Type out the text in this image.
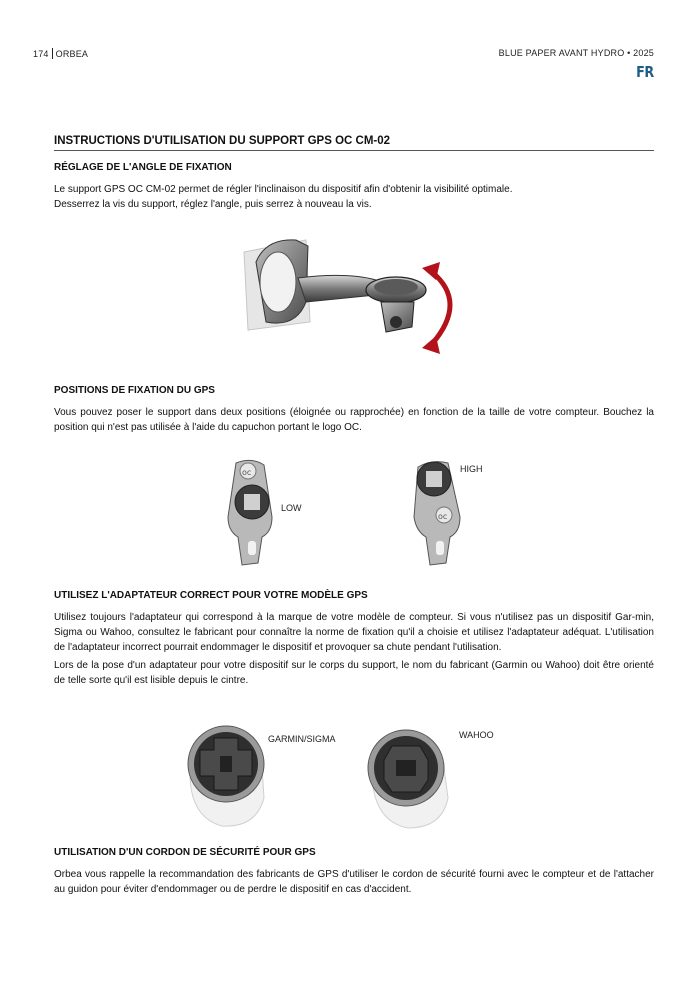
174 ORBEA	BLUE PAPER AVANT HYDRO • 2025
FR
INSTRUCTIONS D'UTILISATION DU SUPPORT GPS OC CM-02
RÉGLAGE DE L'ANGLE DE FIXATION
Le support GPS OC CM-02 permet de régler l'inclinaison du dispositif afin d'obtenir la visibilité optimale.
Desserrez la vis du support, réglez l'angle, puis serrez à nouveau la vis.
POSITIONS DE FIXATION DU GPS
Vous pouvez poser le support dans deux positions (éloignée ou rapprochée) en fonction de la taille de votre compteur. Bouchez la position qui n'est pas utilisée à l'aide du capuchon portant le logo OC.
oc
LOW
oc
HIGH
UTILISEZ L'ADAPTATEUR CORRECT POUR VOTRE MODÈLE GPS
Utilisez toujours l'adaptateur qui correspond à la marque de votre modèle de compteur. Si vous n'utilisez pas un dispositif Gar-min, Sigma ou Wahoo, consultez le fabricant pour connaître la norme de fixation qu'il a choisie et utilisez l'adaptateur adéquat. L'utilisation de l'adaptateur incorrect pourrait endommager le dispositif et provoquer sa chute pendant l'utilisation.
Lors de la pose d'un adaptateur pour votre dispositif sur le corps du support, le nom du fabricant (Garmin ou Wahoo) doit être orienté de telle sorte qu'il est lisible depuis le cintre.
GARMIN/SIGMA	WAHOO
UTILISATION D'UN CORDON DE SÉCURITÉ POUR GPS
Orbea vous rappelle la recommandation des fabricants de GPS d'utiliser le cordon de sécurité fourni avec le compteur et de l'attacher au guidon pour éviter d'endommager ou de perdre le dispositif en cas d'accident.
